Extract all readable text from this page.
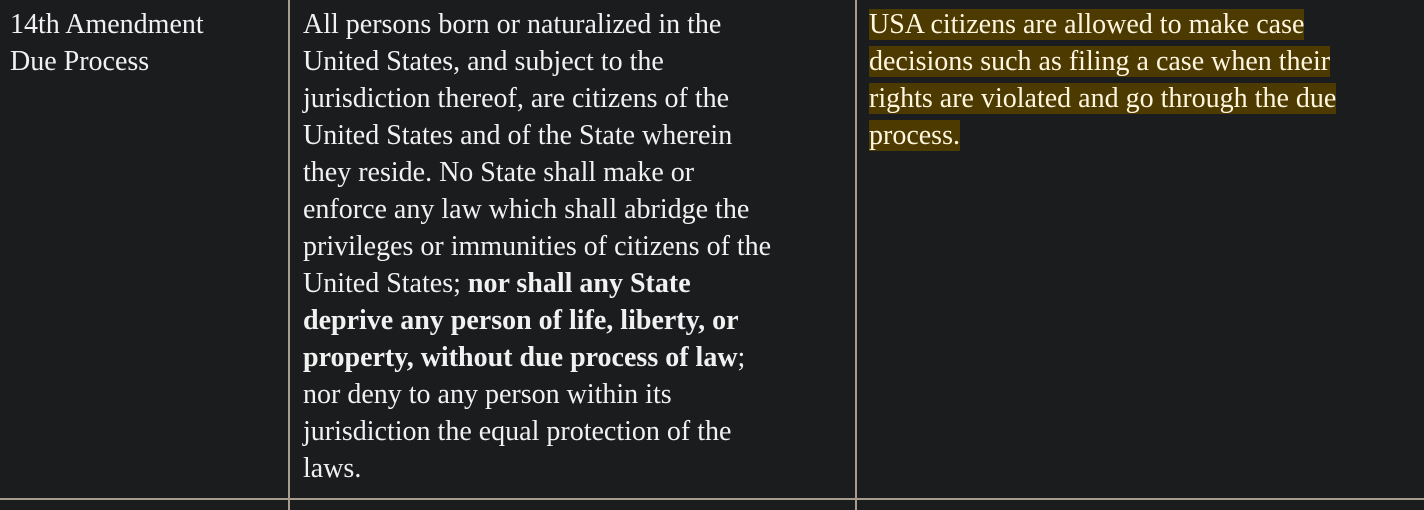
14th Amendment
Due Process
All persons born or naturalized in the
United States, and subject to the
jurisdiction thereof, are citizens of the
United States and of the State wherein
they reside. No State shall make or
enforce any law which shall abridge the
privileges or immunities of citizens of the
United States; nor shall any State
deprive any person of life, liberty, or
property, without due process of law;
nor deny to any person within its
jurisdiction the equal protection of the
laws.
USA citizens are allowed to make case
decisions such as filing a case when their
rights are violated and go through the due
process.
